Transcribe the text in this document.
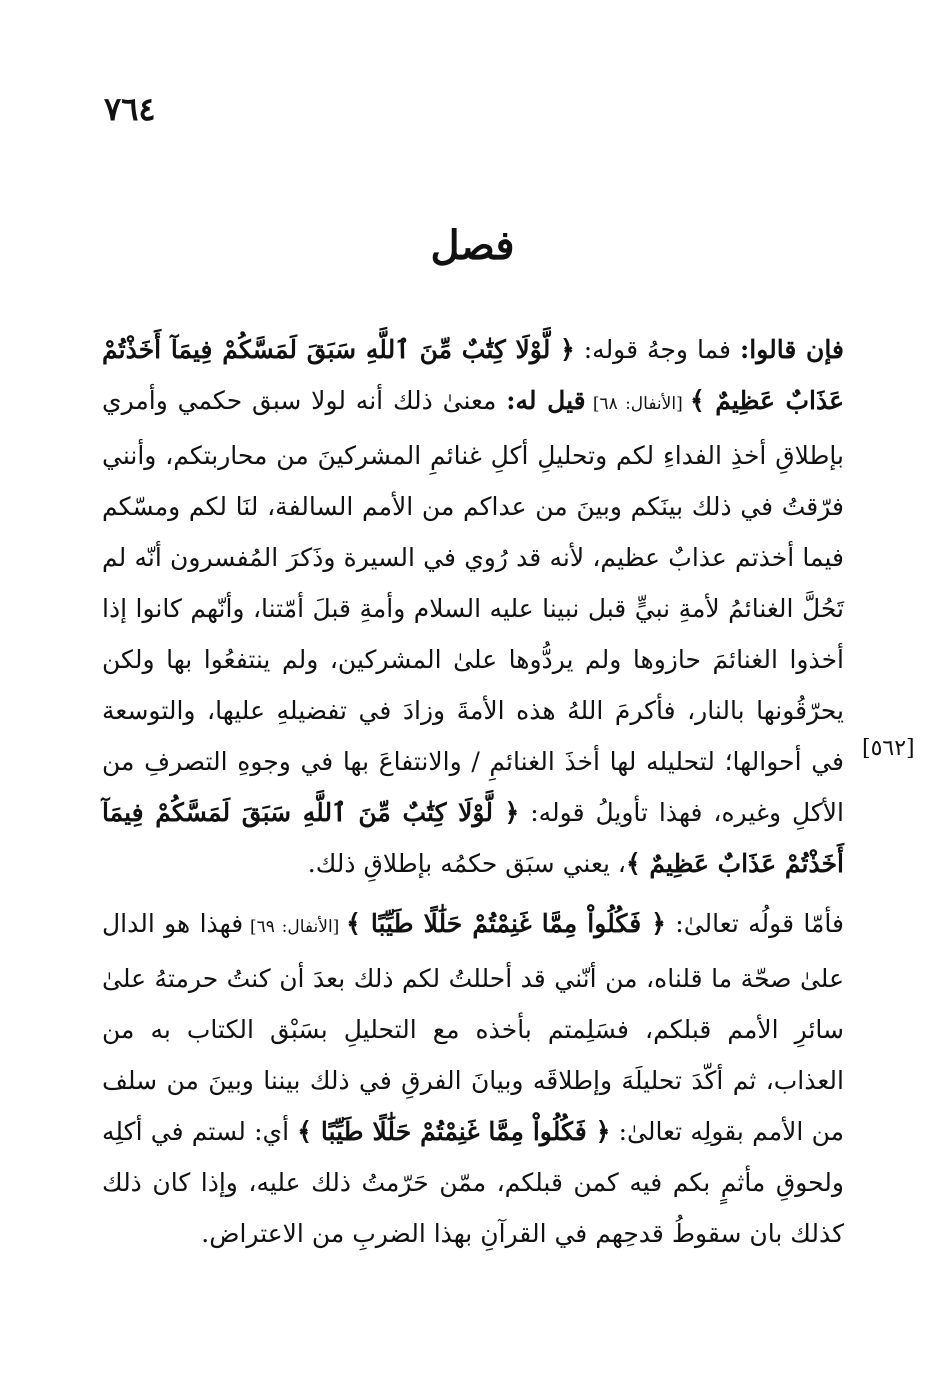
٧٦٤
فصل
[٥٦٢]

فإن قالوا: فما وجهُ قوله: ﴿ لَّوْلَا كِتَٰبٌ مِّنَ ٱللَّهِ سَبَقَ لَمَسَّكُمْ فِيمَآ أَخَذْتُمْ عَذَابٌ عَظِيمٌ ﴾ [الأنفال: ٦٨] قيل له: معنىٰ ذلك أنه لولا سبق حكمي وأمري بإطلاقِ أخذِ الفداءِ لكم وتحليلِ أكلِ غنائمِ المشركينَ من محاربتكم، وأنني فرّقتُ في ذلك بينَكم وبينَ من عداكم من الأمم السالفة، لنَا لكم ومسّكم فيما أخذتم عذابٌ عظيم، لأنه قد رُوي في السيرة وذَكرَ المُفسرون أنّه لم تَحُلَّ الغنائمُ لأمةِ نبيٍّ قبل نبينا عليه السلام وأمةِ قبلَ أمّتنا، وأنّهم كانوا إذا أخذوا الغنائمَ حازوها ولم يردُّوها علىٰ المشركين، ولم ينتفعُوا بها ولكن يحرّقُونها بالنار، فأكرمَ اللهُ هذه الأمةَ وزادَ في تفضيلهِ عليها، والتوسعة في أحوالها؛ لتحليله لها أخذَ الغنائمِ / والانتفاعَ بها في وجوهِ التصرفِ من الأكلِ وغيره، فهذا تأويلُ قوله: ﴿ لَّوْلَا كِتَٰبٌ مِّنَ ٱللَّهِ سَبَقَ لَمَسَّكُمْ فِيمَآ أَخَذْتُمْ عَذَابٌ عَظِيمٌ ﴾، يعني سبَق حكمُه بإطلاقِ ذلك.

فأمّا قولُه تعالىٰ: ﴿ فَكُلُواْ مِمَّا غَنِمْتُمْ حَلَٰلًا طَيِّبًا ﴾ [الأنفال: ٦٩] فهذا هو الدال علىٰ صحّة ما قلناه، من أنّني قد أحللتُ لكم ذلك بعدَ أن كنتُ حرمتهُ علىٰ سائرِ الأمم قبلكم، فسَلِمتم بأخذه مع التحليلِ بسَبْق الكتاب به من العذاب، ثم أكّدَ تحليلَهَ وإطلاقَه وبيانَ الفرقِ في ذلك بيننا وبينَ من سلف من الأمم بقولِه تعالىٰ: ﴿ فَكُلُواْ مِمَّا غَنِمْتُمْ حَلَٰلًا طَيِّبًا ﴾ أي: لستم في أكلِه ولحوقِ مأثمٍ بكم فيه كمن قبلكم، ممّن حَرّمتُ ذلك عليه، وإذا كان ذلك كذلك بان سقوطُ قدحِهم في القرآنِ بهذا الضربِ من الاعتراض.
